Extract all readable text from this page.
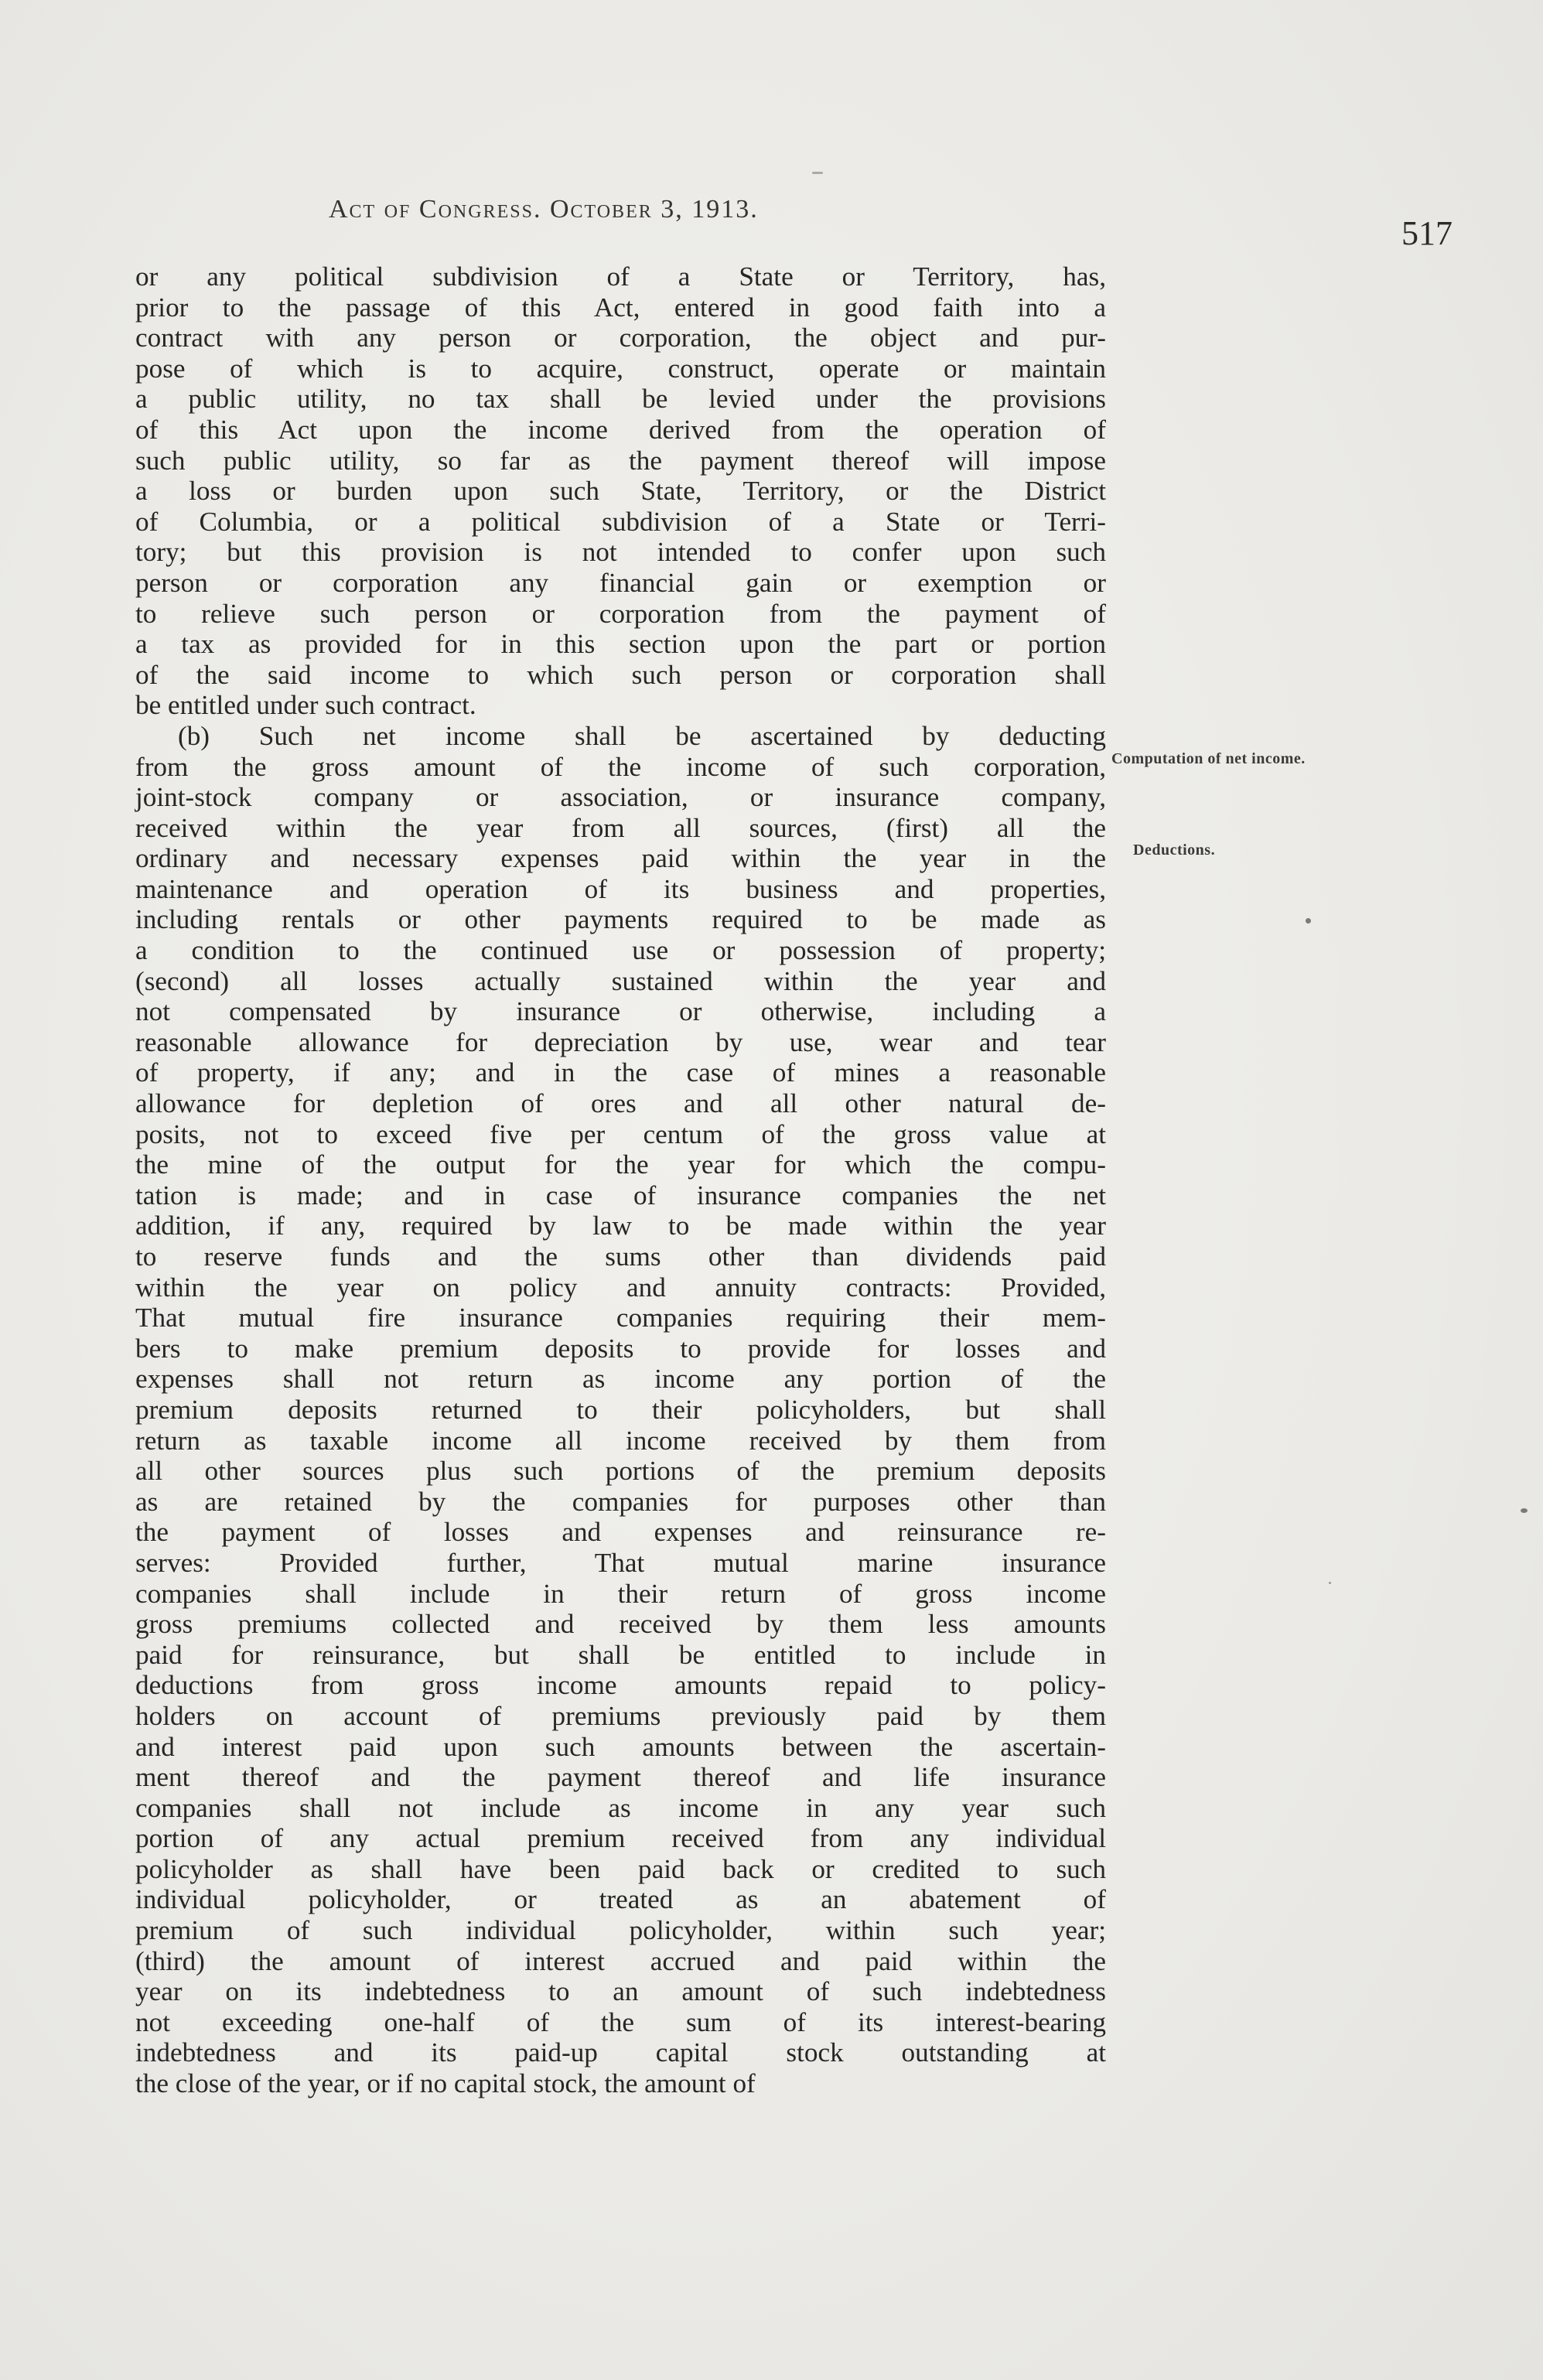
Act of Congress. October 3, 1913.
517
Computation of net income.
Deductions.
or any political subdivision of a State or Territory, has,
prior to the passage of this Act, entered in good faith into a
contract with any person or corporation, the object and pur-
pose of which is to acquire, construct, operate or maintain
a public utility, no tax shall be levied under the provisions
of this Act upon the income derived from the operation of
such public utility, so far as the payment thereof will impose
a loss or burden upon such State, Territory, or the District
of Columbia, or a political subdivision of a State or Terri-
tory; but this provision is not intended to confer upon such
person or corporation any financial gain or exemption or
to relieve such person or corporation from the payment of
a tax as provided for in this section upon the part or portion
of the said income to which such person or corporation shall
be entitled under such contract.
(b) Such net income shall be ascertained by deducting
from the gross amount of the income of such corporation,
joint-stock company or association, or insurance company,
received within the year from all sources, (first) all the
ordinary and necessary expenses paid within the year in the
maintenance and operation of its business and properties,
including rentals or other payments required to be made as
a condition to the continued use or possession of property;
(second) all losses actually sustained within the year and
not compensated by insurance or otherwise, including a
reasonable allowance for depreciation by use, wear and tear
of property, if any; and in the case of mines a reasonable
allowance for depletion of ores and all other natural de-
posits, not to exceed five per centum of the gross value at
the mine of the output for the year for which the compu-
tation is made; and in case of insurance companies the net
addition, if any, required by law to be made within the year
to reserve funds and the sums other than dividends paid
within the year on policy and annuity contracts: Provided,
That mutual fire insurance companies requiring their mem-
bers to make premium deposits to provide for losses and
expenses shall not return as income any portion of the
premium deposits returned to their policyholders, but shall
return as taxable income all income received by them from
all other sources plus such portions of the premium deposits
as are retained by the companies for purposes other than
the payment of losses and expenses and reinsurance re-
serves: Provided further, That mutual marine insurance
companies shall include in their return of gross income
gross premiums collected and received by them less amounts
paid for reinsurance, but shall be entitled to include in
deductions from gross income amounts repaid to policy-
holders on account of premiums previously paid by them
and interest paid upon such amounts between the ascertain-
ment thereof and the payment thereof and life insurance
companies shall not include as income in any year such
portion of any actual premium received from any individual
policyholder as shall have been paid back or credited to such
individual policyholder, or treated as an abatement of
premium of such individual policyholder, within such year;
(third) the amount of interest accrued and paid within the
year on its indebtedness to an amount of such indebtedness
not exceeding one-half of the sum of its interest-bearing
indebtedness and its paid-up capital stock outstanding at
the close of the year, or if no capital stock, the amount of
